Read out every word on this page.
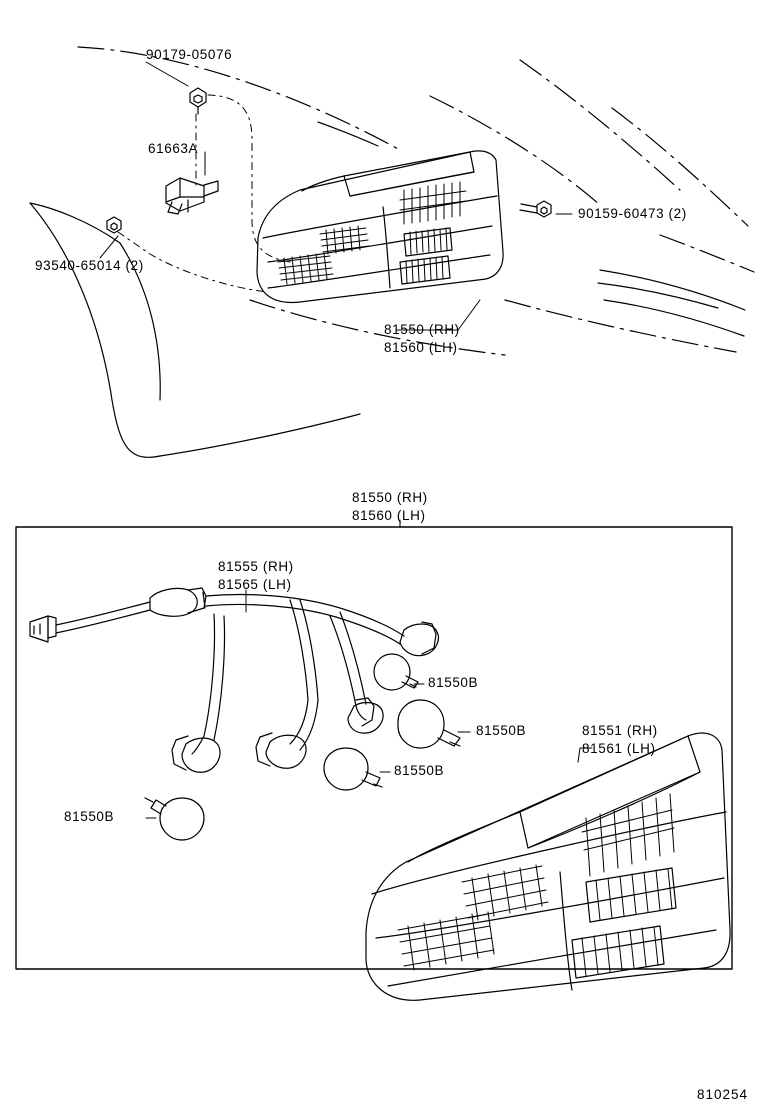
90179-05076
61663A
93540-65014 (2)
90159-60473 (2)
81550 (RH)
81560 (LH)
81550 (RH)
81560 (LH)
81555 (RH)
81565 (LH)
81550B
81550B
81550B
81550B
81551 (RH)
81561 (LH)
810254
